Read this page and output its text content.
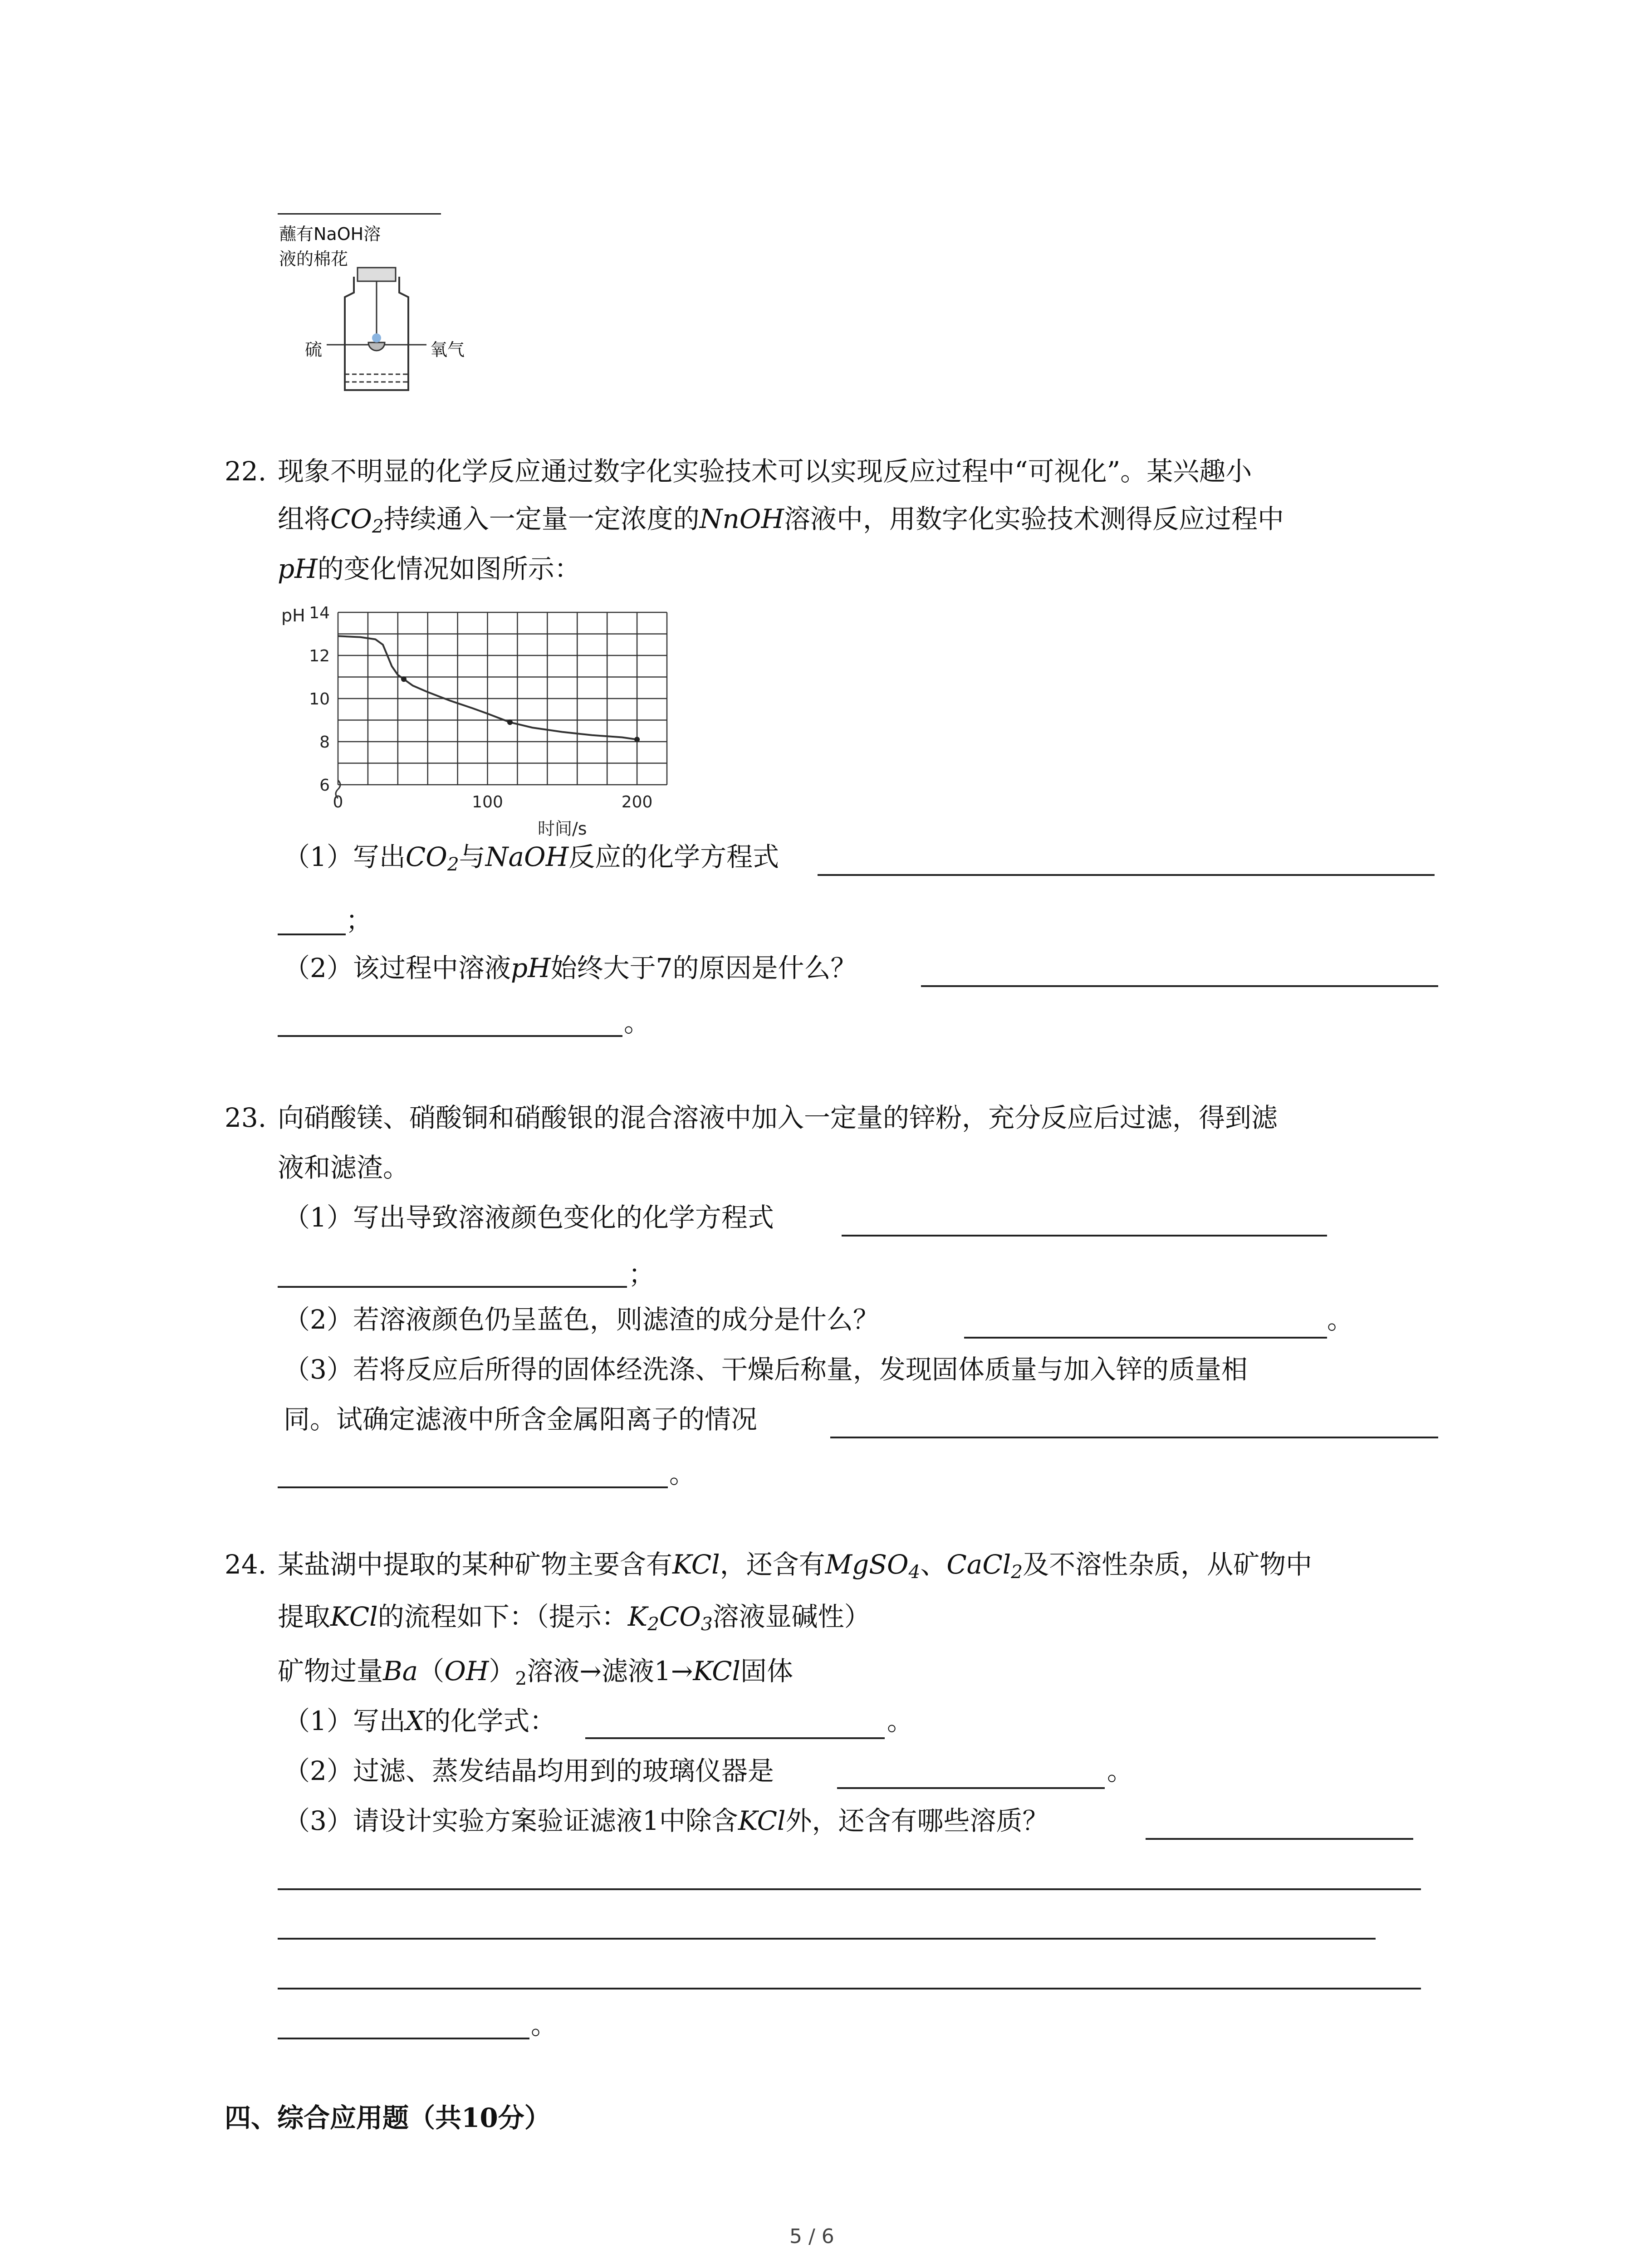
蘸有NaOH溶
液的棉花
硫	氧气
22. 现象不明显的化学反应通过数字化实验技术可以实现反应过程中“可视化”。某兴趣小
组将$CO_2$持续通入一定量一定浓度的NnOH溶液中，用数字化实验技术测得反应过程中
pH的变化情况如图所示：
6
8
10
12
14
0	100	200
pH
时间/s
（1）写出$CO_2$与NaOH反应的化学方程式
；
（2）该过程中溶液pH始终大于7的原因是什么？
。
23. 向硝酸镁、硝酸铜和硝酸银的混合溶液中加入一定量的锌粉，充分反应后过滤，得到滤
液和滤渣。
（1）写出导致溶液颜色变化的化学方程式
；
（2）若溶液颜色仍呈蓝色，则滤渣的成分是什么？	。
（3）若将反应后所得的固体经洗涤、干燥后称量，发现固体质量与加入锌的质量相
同。试确定滤液中所含金属阳离子的情况
。
24. 某盐湖中提取的某种矿物主要含有KCl，还含有MgSO$_4$、CaCl$_2$及不溶性杂质，从矿物中
提取KCl的流程如下：（提示：$K_2CO_3$溶液显碱性）
矿物过量$Ba(OH)_2$溶液→滤液1→KCl固体
（1）写出X的化学式：	。
（2）过滤、蒸发结晶均用到的玻璃仪器是	。
（3）请设计实验方案验证滤液1中除含KCl外，还含有哪些溶质？
。
四、综合应用题（共10分）
5 / 6
